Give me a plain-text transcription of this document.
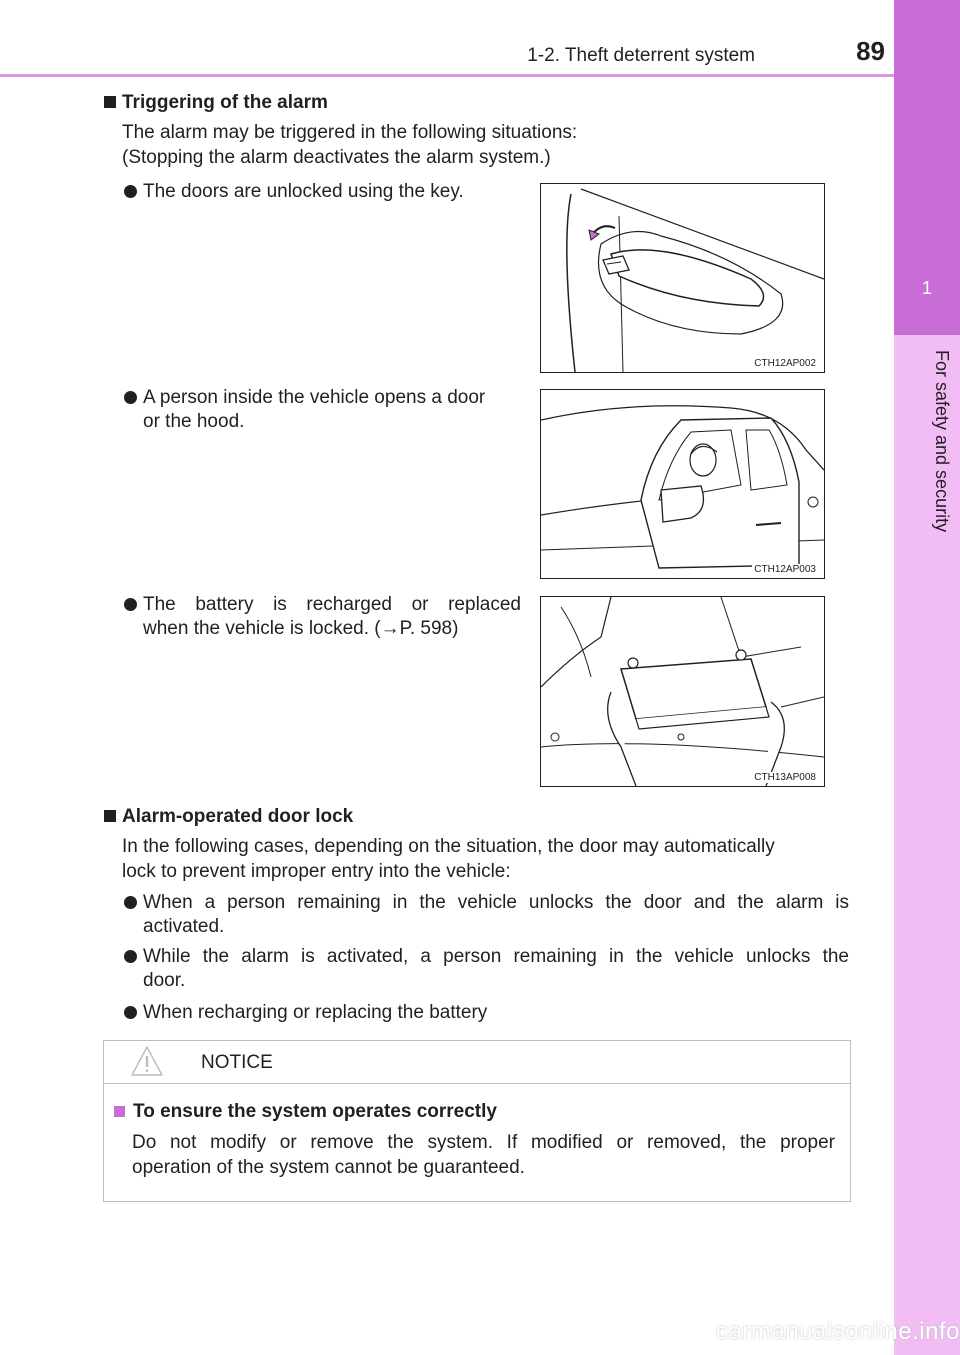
1-2. Theft deterrent system	89
1
For safety and security
Triggering of the alarm
The alarm may be triggered in the following situations:
(Stopping the alarm deactivates the alarm system.)
The doors are unlocked using the key.
CTH12AP002
A person inside the vehicle opens a door
or the hood.
CTH12AP003
The battery is recharged or replaced
when the vehicle is locked. (→P. 598)
CTH13AP008
Alarm-operated door lock
In the following cases, depending on the situation, the door may automatically
lock to prevent improper entry into the vehicle:
When a person remaining in the vehicle unlocks the door and the alarm is
activated.
While the alarm is activated, a person remaining in the vehicle unlocks the
door.
When recharging or replacing the battery
NOTICE
To ensure the system operates correctly
Do not modify or remove the system. If modified or removed, the proper
operation of the system cannot be guaranteed.
carmanualsonline.info
